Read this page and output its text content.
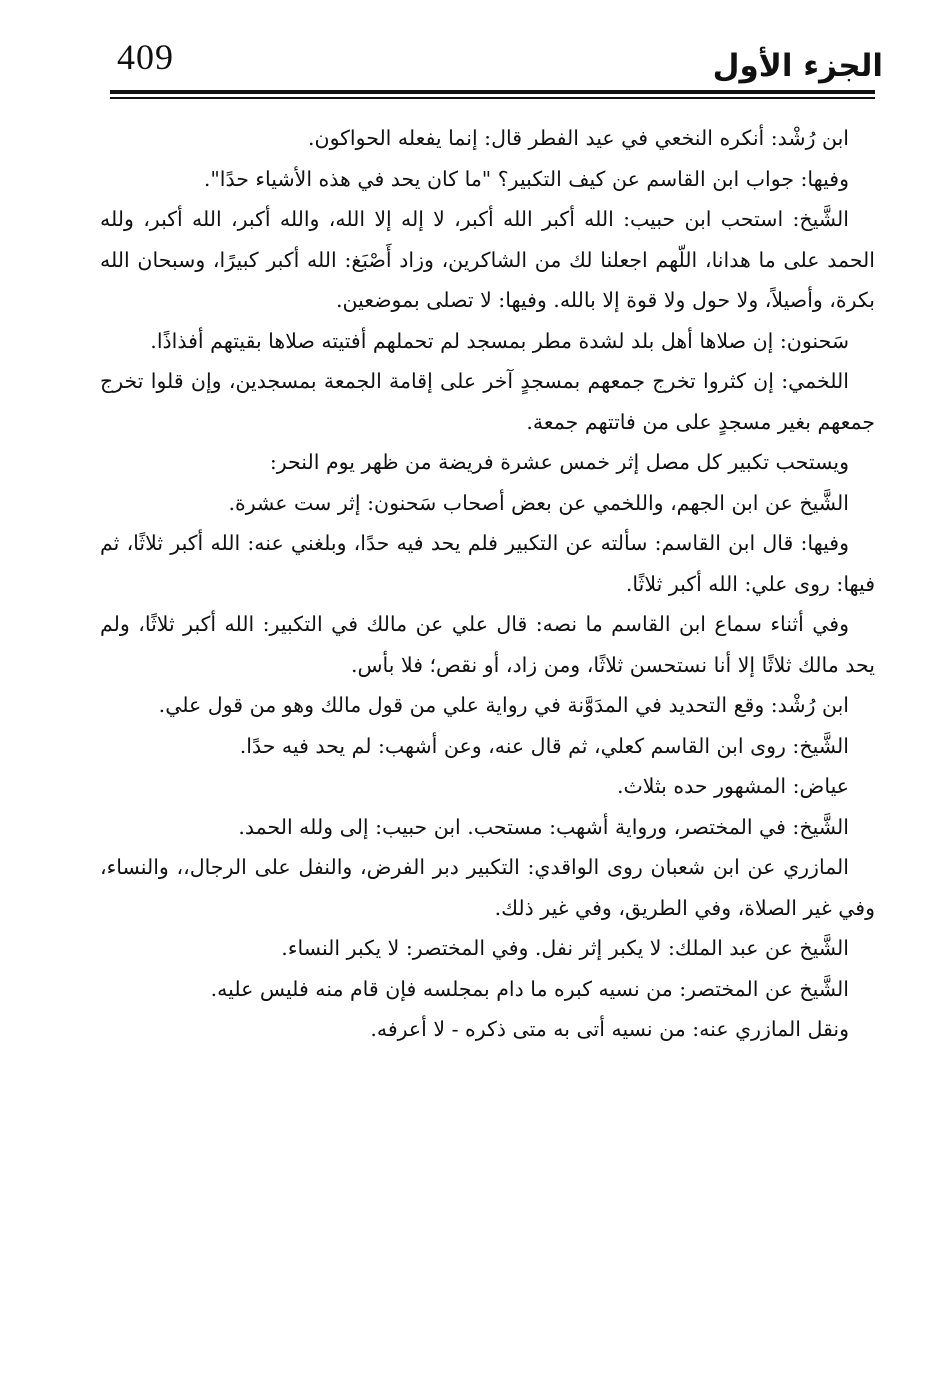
409	الجزء الأول

ابن رُشْد: أنكره النخعي في عيد الفطر قال: إنما يفعله الحواكون.

وفيها: جواب ابن القاسم عن كيف التكبير؟ "ما كان يحد في هذه الأشياء حدًا".

الشَّيخ: استحب ابن حبيب: الله أكبر الله أكبر، لا إله إلا الله، والله أكبر، الله أكبر، ولله الحمد على ما هدانا، اللّهم اجعلنا لك من الشاكرين، وزاد أَصْبَغ: الله أكبر كبيرًا، وسبحان الله بكرة، وأصيلاً، ولا حول ولا قوة إلا بالله. وفيها: لا تصلى بموضعين.

سَحنون: إن صلاها أهل بلد لشدة مطر بمسجد لم تحملهم أفتيته صلاها بقيتهم أفذاذًا.

اللخمي: إن كثروا تخرج جمعهم بمسجدٍ آخر على إقامة الجمعة بمسجدين، وإن قلوا تخرج جمعهم بغير مسجدٍ على من فاتتهم جمعة.

ويستحب تكبير كل مصل إثر خمس عشرة فريضة من ظهر يوم النحر:

الشَّيخ عن ابن الجهم، واللخمي عن بعض أصحاب سَحنون: إثر ست عشرة.

وفيها: قال ابن القاسم: سألته عن التكبير فلم يحد فيه حدًا، وبلغني عنه: الله أكبر ثلاثًا، ثم فيها: روى علي: الله أكبر ثلاثًا.

وفي أثناء سماع ابن القاسم ما نصه: قال علي عن مالك في التكبير: الله أكبر ثلاثًا، ولم يحد مالك ثلاثًا إلا أنا نستحسن ثلاثًا، ومن زاد، أو نقص؛ فلا بأس.

ابن رُشْد: وقع التحديد في المدَوَّنة في رواية علي من قول مالك وهو من قول علي.

الشَّيخ: روى ابن القاسم كعلي، ثم قال عنه، وعن أشهب: لم يحد فيه حدًا.

عياض: المشهور حده بثلاث.

الشَّيخ: في المختصر، ورواية أشهب: مستحب. ابن حبيب: إلى ولله الحمد.

المازري عن ابن شعبان روى الواقدي: التكبير دبر الفرض، والنفل على الرجال،، والنساء، وفي غير الصلاة، وفي الطريق، وفي غير ذلك.

الشَّيخ عن عبد الملك: لا يكبر إثر نفل. وفي المختصر: لا يكبر النساء.

الشَّيخ عن المختصر: من نسيه كبره ما دام بمجلسه فإن قام منه فليس عليه.

ونقل المازري عنه: من نسيه أتى به متى ذكره - لا أعرفه.
